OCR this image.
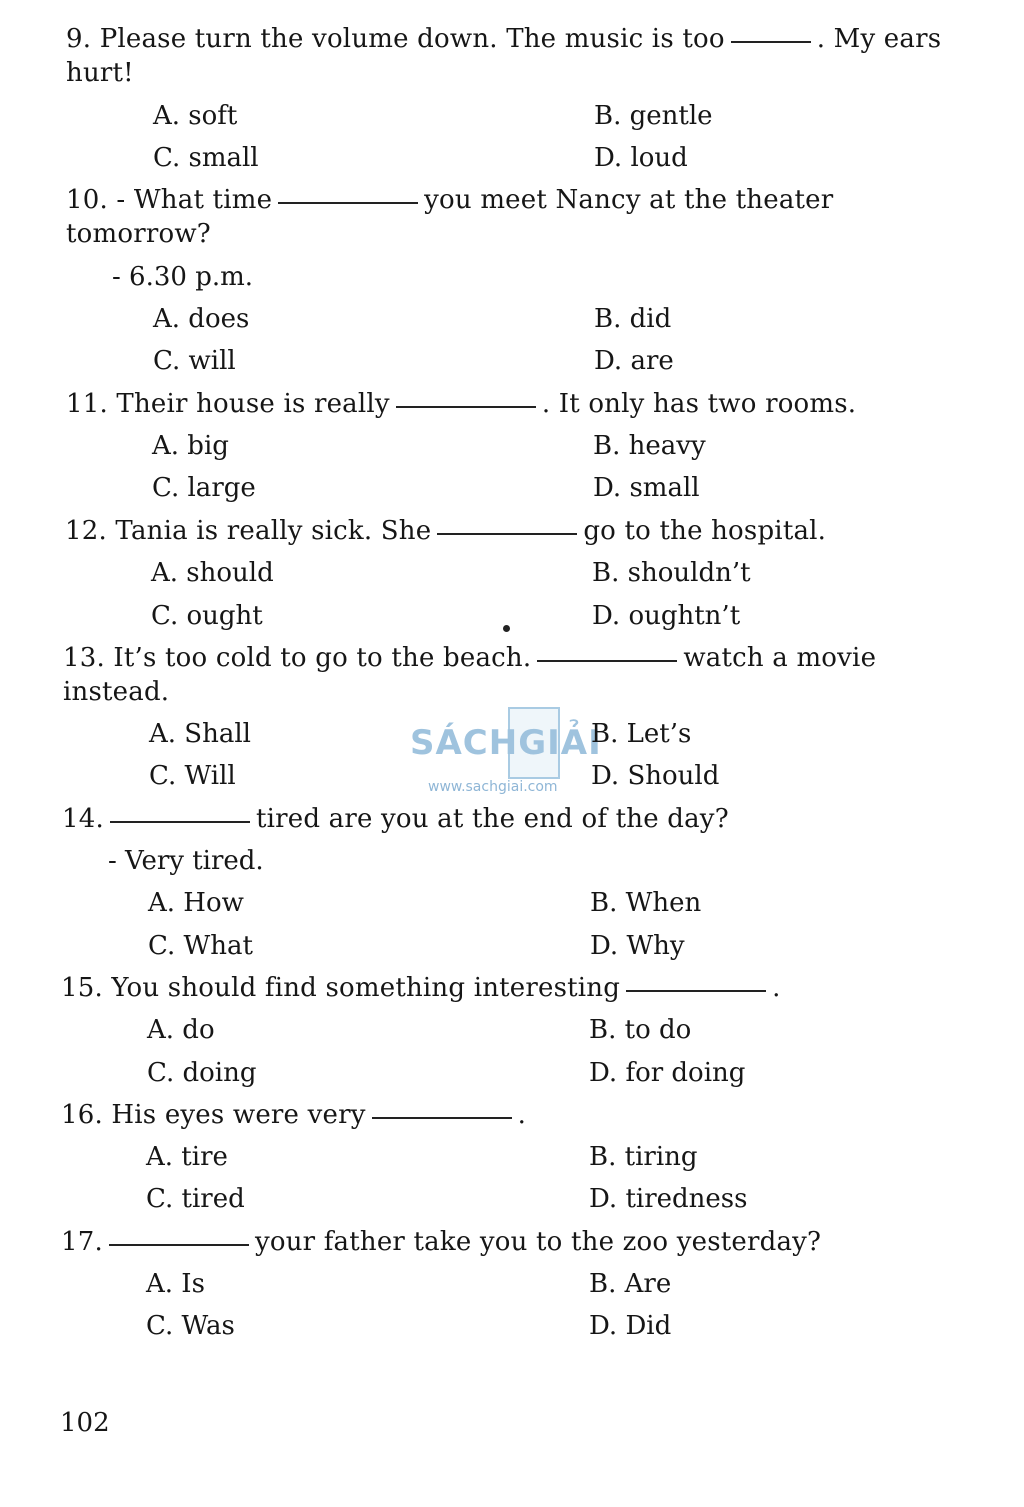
9. Please turn the volume down. The music is too	. My ears
hurt!
A. soft	B. gentle
C. small	D. loud
10. - What time	you meet Nancy at the theater
tomorrow?
- 6.30 p.m.
A. does	B. did
C. will	D. are
11. Their house is really	. It only has two rooms.
A. big	B. heavy
C. large	D. small
12. Tania is really sick. She	go to the hospital.
A. should	B. shouldn’t
C. ought	D. oughtn’t
13. It’s too cold to go to the beach.	watch a movie
instead.
SÁCHGIẢI
www.sachgiai.com
A. Shall	B. Let’s
C. Will	D. Should
14.	tired are you at the end of the day?
- Very tired.
A. How	B. When
C. What	D. Why
15. You should find something interesting	.
A. do	B. to do
C. doing	D. for doing
16. His eyes were very	.
A. tire	B. tiring
C. tired	D. tiredness
17.	your father take you to the zoo yesterday?
A. Is	B. Are
C. Was	D. Did
102
